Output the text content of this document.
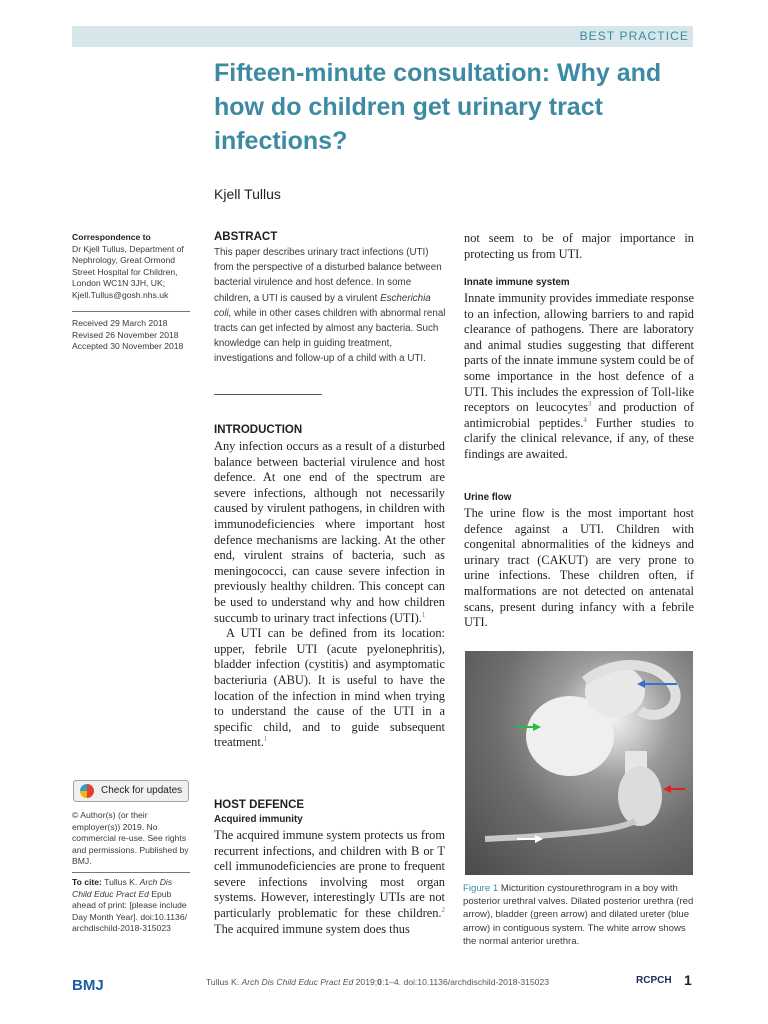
BEST PRACTICE
Fifteen-minute consultation: Why and how do children get urinary tract infections?
Kjell Tullus
Correspondence to
Dr Kjell Tullus, Department of Nephrology, Great Ormond Street Hospital for Children, London WC1N 3JH, UK; Kjell.Tullus@gosh.nhs.uk
Received 29 March 2018
Revised 26 November 2018
Accepted 30 November 2018
Check for updates
© Author(s) (or their employer(s)) 2019. No commercial re-use. See rights and permissions. Published by BMJ.
To cite: Tullus K. Arch Dis Child Educ Pract Ed Epub ahead of print: [please include Day Month Year]. doi:10.1136/ archdischild-2018-315023
ABSTRACT
This paper describes urinary tract infections (UTI) from the perspective of a disturbed balance between bacterial virulence and host defence. In some children, a UTI is caused by a virulent Escherichia coli, while in other cases children with abnormal renal tracts can get infected by almost any bacteria. Such knowledge can help in guiding treatment, investigations and follow-up of a child with a UTI.
INTRODUCTION

Any infection occurs as a result of a disturbed balance between bacterial virulence and host defence. At one end of the spectrum are severe infections, although not necessarily caused by virulent pathogens, in children with immunodeficiencies where important host defence mechanisms are lacking. At the other end, virulent strains of bacteria, such as meningococci, can cause severe infection in previously healthy children. This concept can be used to understand why and how children succumb to urinary tract infections (UTI).$^1$

A UTI can be defined from its location: upper, febrile UTI (acute pyelonephritis), bladder infection (cystitis) and asymptomatic bacteriuria (ABU). It is useful to have the location of the infection in mind when trying to understand the cause of the UTI in a specific child, and to guide subsequent treatment.$^1$

HOST DEFENCE
Acquired immunity

The acquired immune system protects us from recurrent infections, and children with B or T cell immunodeficiencies are prone to frequent severe infections involving most organ systems. However, interestingly UTIs are not particularly problematic for these children.$^2$ The acquired immune system does thus

not seem to be of major importance in protecting us from UTI.
Innate immune system

Innate immunity provides immediate response to an infection, allowing barriers to and rapid clearance of pathogens. There are laboratory and animal studies suggesting that different parts of the innate immune system could be of some importance in the host defence of a UTI. This includes the expression of Toll-like receptors on leucocytes$^3$ and production of antimicrobial peptides.$^4$ Further studies to clarify the clinical relevance, if any, of these findings are awaited.

Urine flow
The urine flow is the most important host defence against a UTI. Children with congenital abnormalities of the kidneys and urinary tract (CAKUT) are very prone to urine infections. These children often, if malformations are not detected on antenatal scans, present during infancy with a febrile UTI.
Figure 1 Micturition cystourethrogram in a boy with posterior urethral valves. Dilated posterior urethra (red arrow), bladder (green arrow) and dilated ureter (blue arrow) in contiguous system. The white arrow shows the normal anterior urethra.
BMJ	Tullus K. Arch Dis Child Educ Pract Ed 2019;0:1–4. doi:10.1136/archdischild-2018-315023	RCPCH 1
